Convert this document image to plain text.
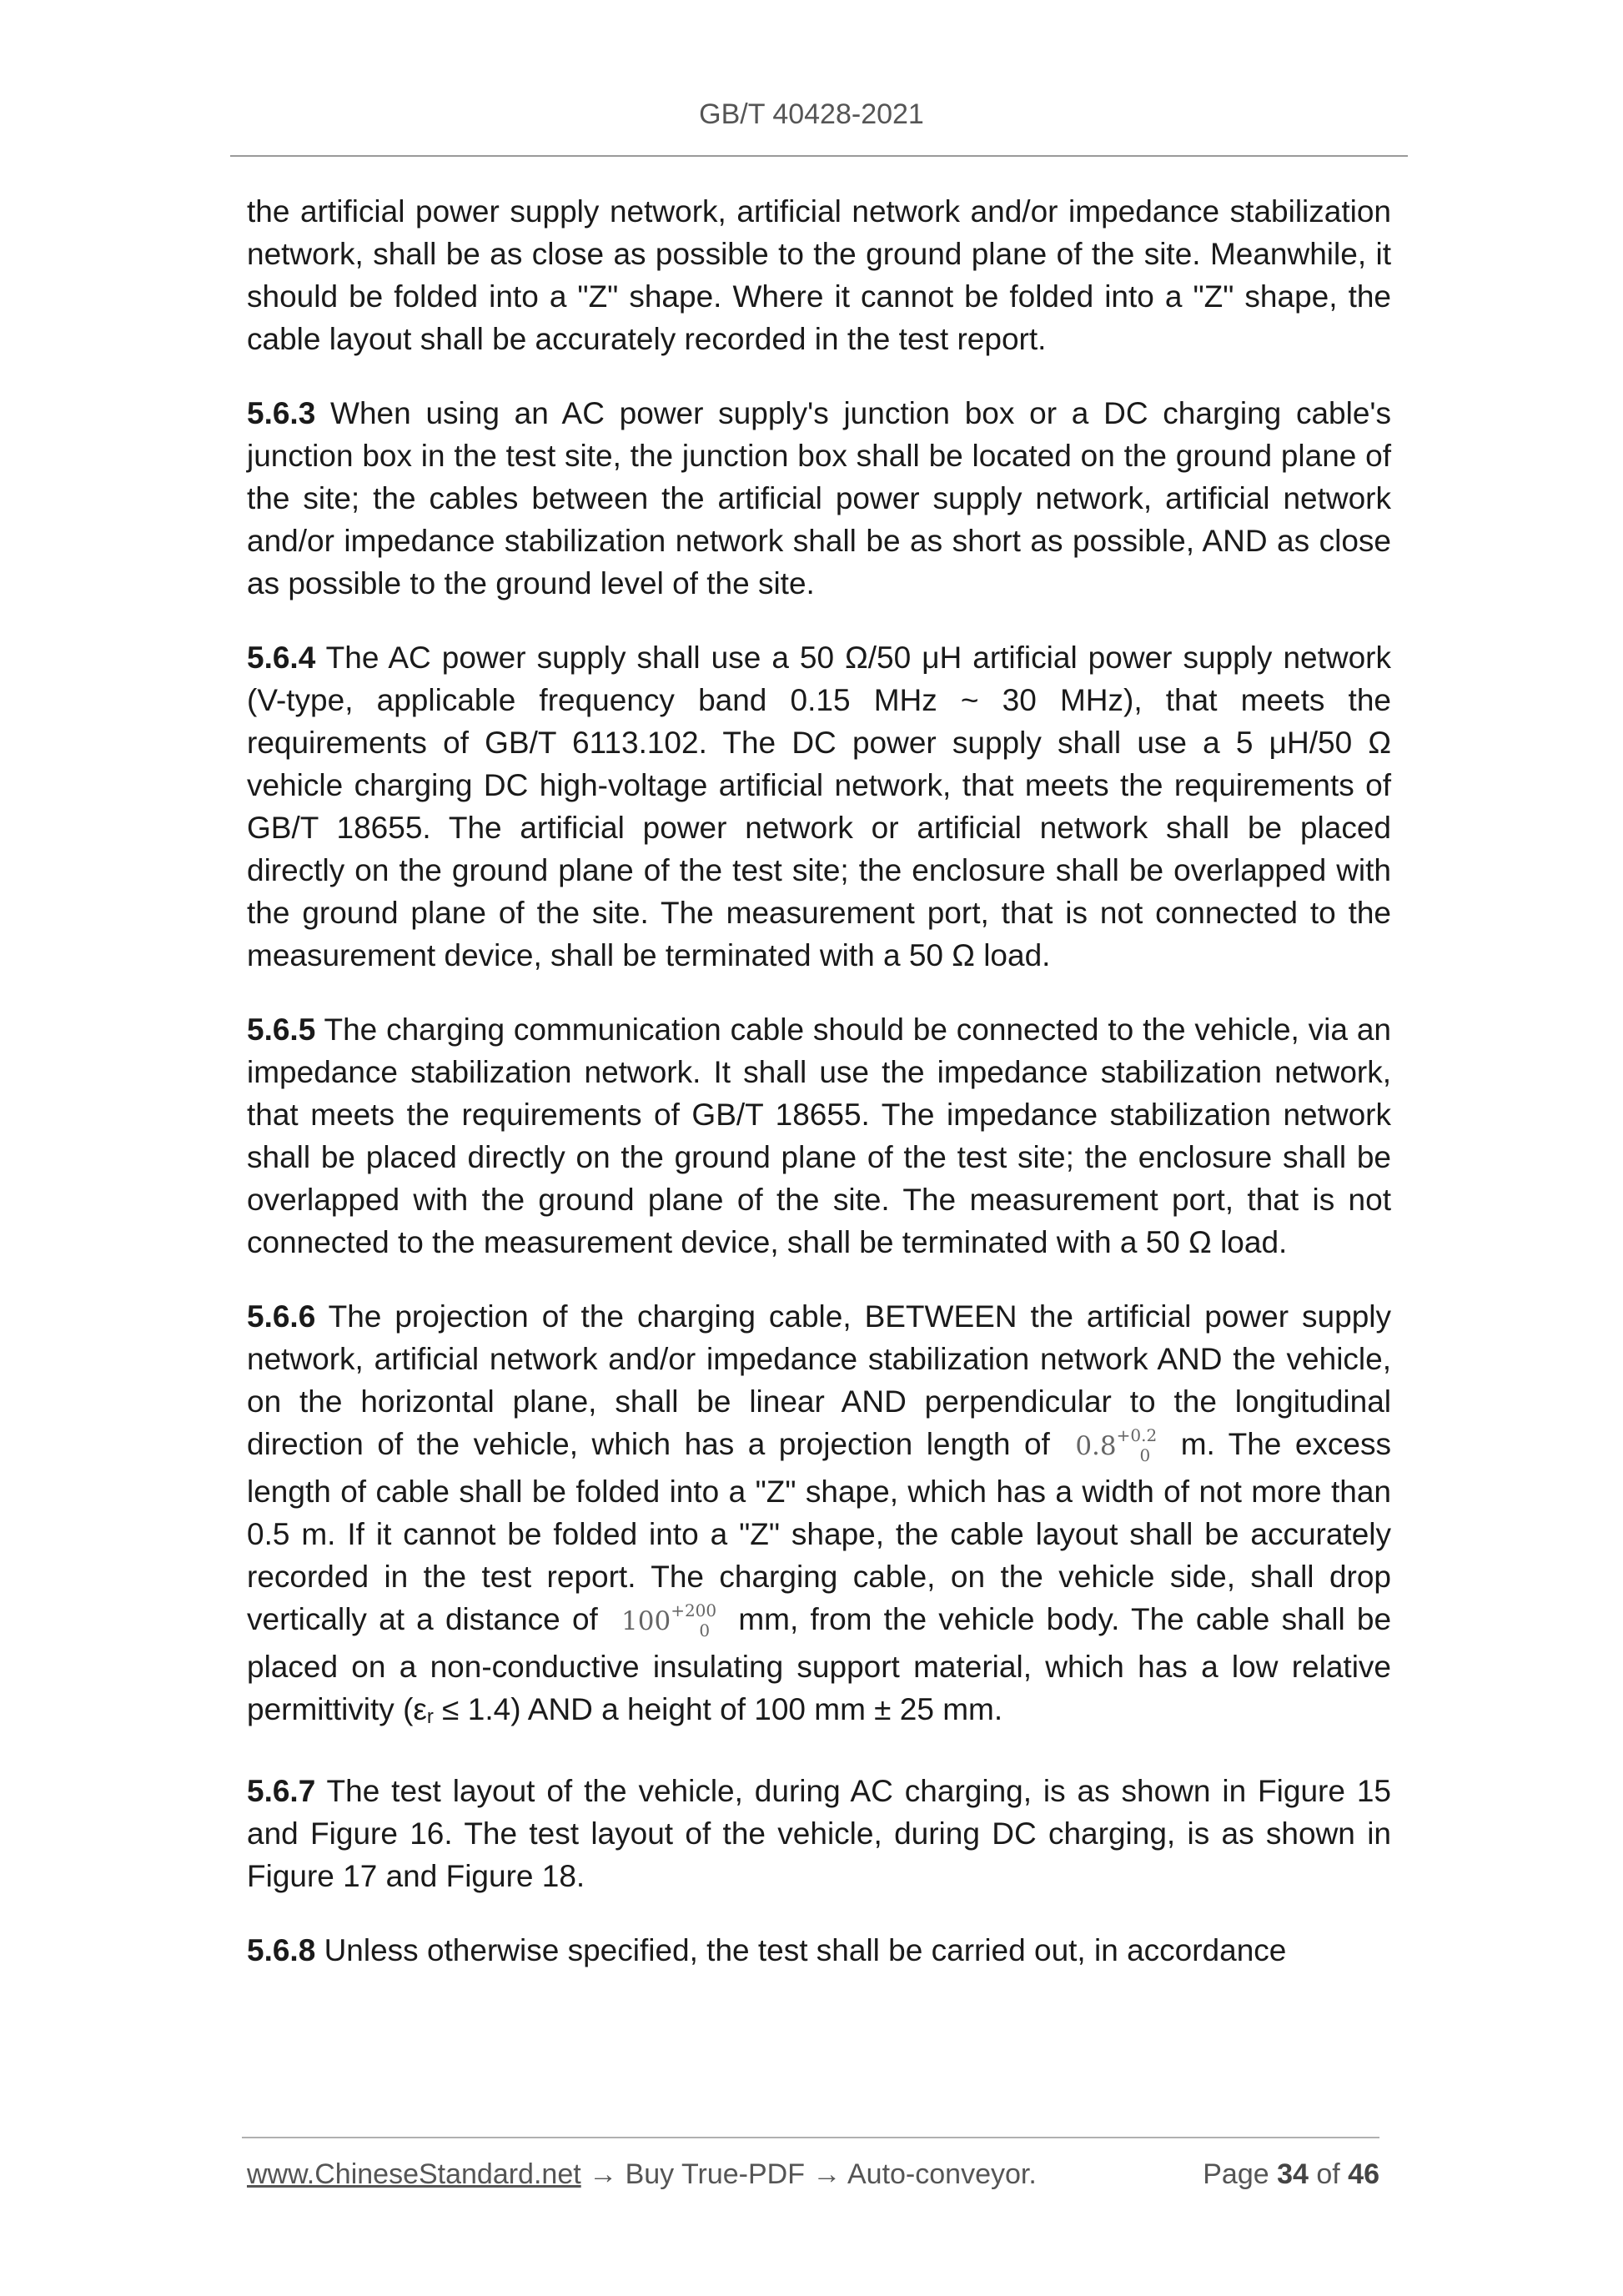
GB/T 40428-2021

the artificial power supply network, artificial network and/or impedance stabilization network, shall be as close as possible to the ground plane of the site. Meanwhile, it should be folded into a "Z" shape. Where it cannot be folded into a "Z" shape, the cable layout shall be accurately recorded in the test report.

5.6.3 When using an AC power supply's junction box or a DC charging cable's junction box in the test site, the junction box shall be located on the ground plane of the site; the cables between the artificial power supply network, artificial network and/or impedance stabilization network shall be as short as possible, AND as close as possible to the ground level of the site.

5.6.4 The AC power supply shall use a 50 Ω/50 μH artificial power supply network (V-type, applicable frequency band 0.15 MHz ~ 30 MHz), that meets the requirements of GB/T 6113.102. The DC power supply shall use a 5 μH/50 Ω vehicle charging DC high-voltage artificial network, that meets the requirements of GB/T 18655. The artificial power network or artificial network shall be placed directly on the ground plane of the test site; the enclosure shall be overlapped with the ground plane of the site. The measurement port, that is not connected to the measurement device, shall be terminated with a 50 Ω load.

5.6.5 The charging communication cable should be connected to the vehicle, via an impedance stabilization network. It shall use the impedance stabilization network, that meets the requirements of GB/T 18655. The impedance stabilization network shall be placed directly on the ground plane of the test site; the enclosure shall be overlapped with the ground plane of the site. The measurement port, that is not connected to the measurement device, shall be terminated with a 50 Ω load.

5.6.6 The projection of the charging cable, BETWEEN the artificial power supply network, artificial network and/or impedance stabilization network AND the vehicle, on the horizontal plane, shall be linear AND perpendicular to the longitudinal direction of the vehicle, which has a projection length of $0.8^{+0.2}$
0 m. The excess length of cable shall be folded into a "Z" shape, which has a width of not more than 0.5 m. If it cannot be folded into a "Z" shape, the cable layout shall be accurately recorded in the test report. The charging cable, on the vehicle side, shall drop vertically at a distance of $100^{+200}$
0 mm, from the vehicle body. The cable shall be placed on a non-conductive insulating support material, which has a low relative permittivity (εr ≤ 1.4) AND a height of 100 mm ± 25 mm.

5.6.7 The test layout of the vehicle, during AC charging, is as shown in Figure 15 and Figure 16. The test layout of the vehicle, during DC charging, is as shown in Figure 17 and Figure 18.

5.6.8 Unless otherwise specified, the test shall be carried out, in accordance

www.ChineseStandard.net → Buy True-PDF → Auto-conveyor.	Page 34 of 46
